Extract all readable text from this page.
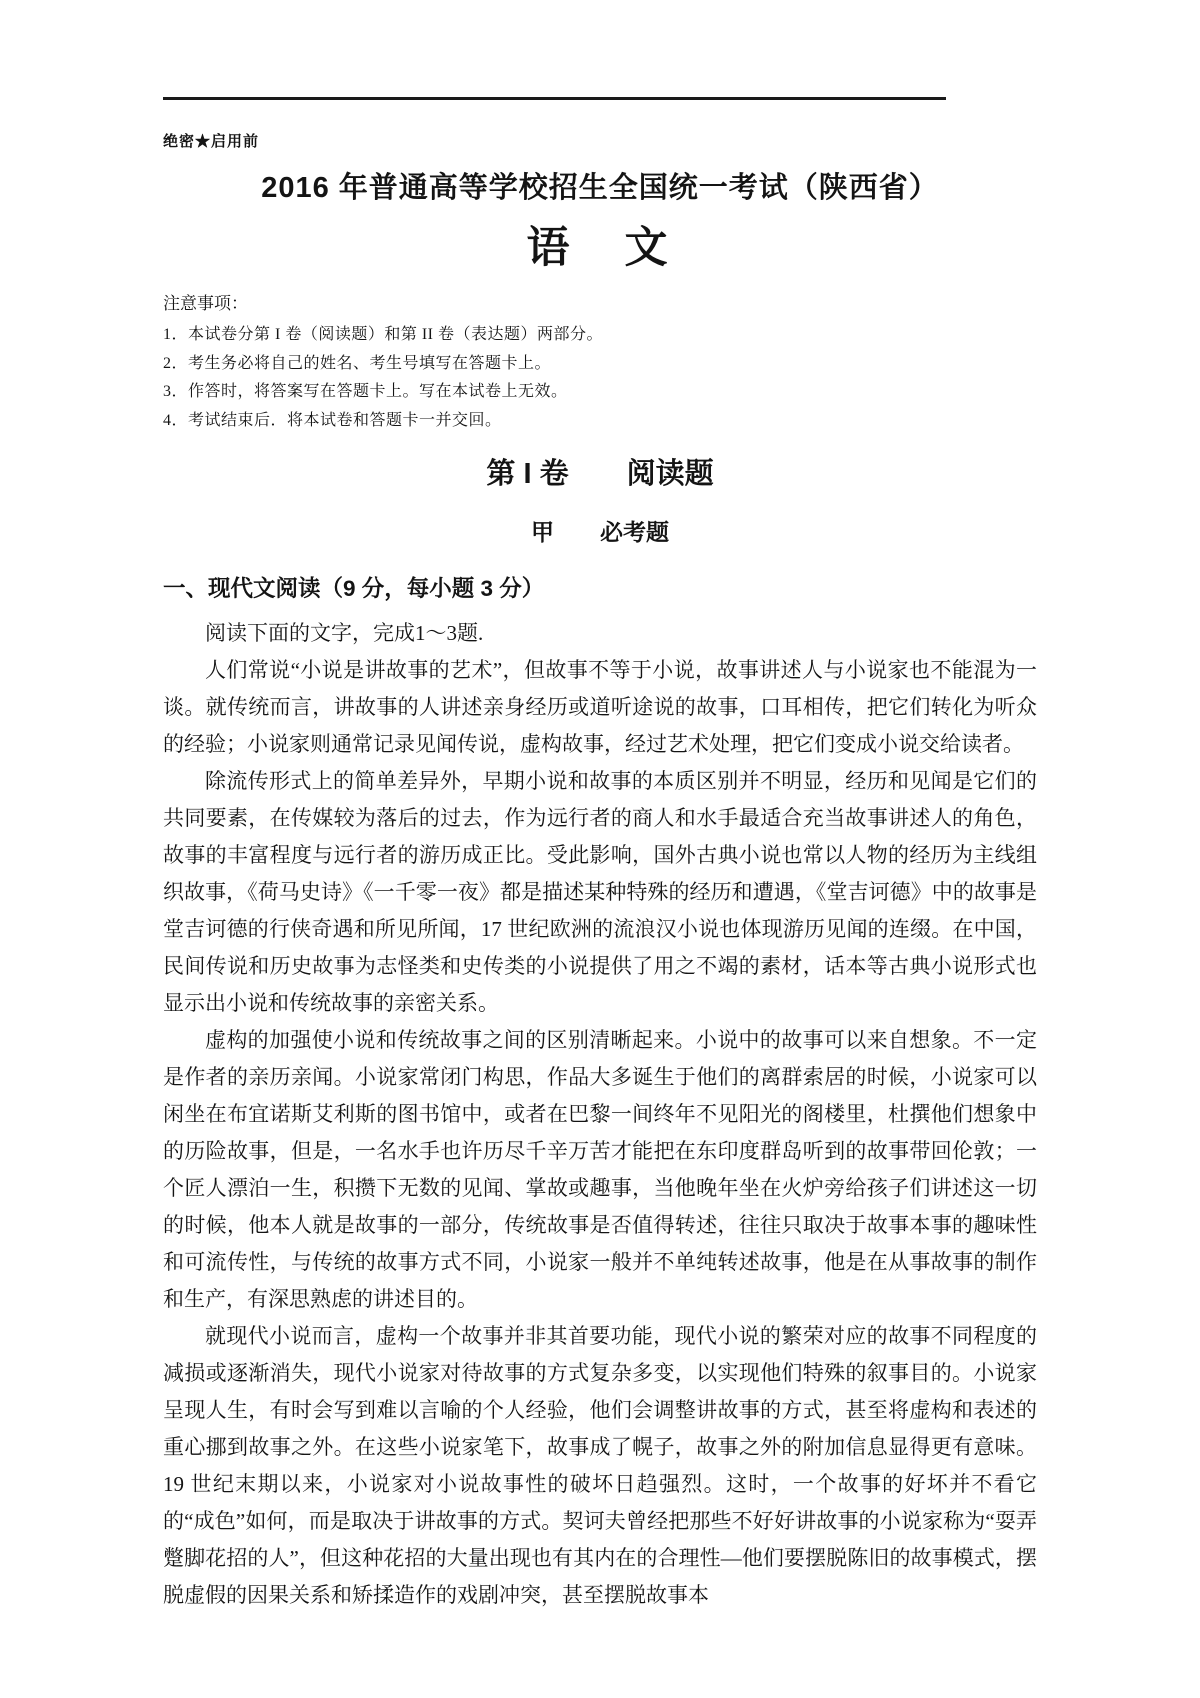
绝密★启用前
2016 年普通高等学校招生全国统一考试（陕西省）
语　文
注意事项：
1．本试卷分第 I 卷（阅读题）和第 II 卷（表达题）两部分。
2．考生务必将自己的姓名、考生号填写在答题卡上。
3．作答时，将答案写在答题卡上。写在本试卷上无效。
4．考试结束后．将本试卷和答题卡一并交回。
第 I 卷　　阅读题
甲　　必考题
一、现代文阅读（9 分，每小题 3 分）

阅读下面的文字，完成1～3题.

人们常说“小说是讲故事的艺术”，但故事不等于小说，故事讲述人与小说家也不能混为一谈。就传统而言，讲故事的人讲述亲身经历或道听途说的故事，口耳相传，把它们转化为听众的经验；小说家则通常记录见闻传说，虚构故事，经过艺术处理，把它们变成小说交给读者。

除流传形式上的简单差异外，早期小说和故事的本质区别并不明显，经历和见闻是它们的共同要素，在传媒较为落后的过去，作为远行者的商人和水手最适合充当故事讲述人的角色，故事的丰富程度与远行者的游历成正比。受此影响，国外古典小说也常以人物的经历为主线组织故事，《荷马史诗》《一千零一夜》都是描述某种特殊的经历和遭遇，《堂吉诃德》中的故事是堂吉诃德的行侠奇遇和所见所闻，17 世纪欧洲的流浪汉小说也体现游历见闻的连缀。在中国，民间传说和历史故事为志怪类和史传类的小说提供了用之不竭的素材，话本等古典小说形式也显示出小说和传统故事的亲密关系。

虚构的加强使小说和传统故事之间的区别清晰起来。小说中的故事可以来自想象。不一定是作者的亲历亲闻。小说家常闭门构思，作品大多诞生于他们的离群索居的时候，小说家可以闲坐在布宜诺斯艾利斯的图书馆中，或者在巴黎一间终年不见阳光的阁楼里，杜撰他们想象中的历险故事，但是，一名水手也许历尽千辛万苦才能把在东印度群岛听到的故事带回伦敦；一个匠人漂泊一生，积攒下无数的见闻、掌故或趣事，当他晚年坐在火炉旁给孩子们讲述这一切的时候，他本人就是故事的一部分，传统故事是否值得转述，往往只取决于故事本事的趣味性和可流传性，与传统的故事方式不同，小说家一般并不单纯转述故事，他是在从事故事的制作和生产，有深思熟虑的讲述目的。

就现代小说而言，虚构一个故事并非其首要功能，现代小说的繁荣对应的故事不同程度的减损或逐渐消失，现代小说家对待故事的方式复杂多变，以实现他们特殊的叙事目的。小说家呈现人生，有时会写到难以言喻的个人经验，他们会调整讲故事的方式，甚至将虚构和表述的重心挪到故事之外。在这些小说家笔下，故事成了幌子，故事之外的附加信息显得更有意味。19 世纪末期以来，小说家对小说故事性的破坏日趋强烈。这时，一个故事的好坏并不看它的“成色”如何，而是取决于讲故事的方式。契诃夫曾经把那些不好好讲故事的小说家称为“耍弄蹩脚花招的人”，但这种花招的大量出现也有其内在的合理性—他们要摆脱陈旧的故事模式，摆脱虚假的因果关系和矫揉造作的戏剧冲突，甚至摆脱故事本
